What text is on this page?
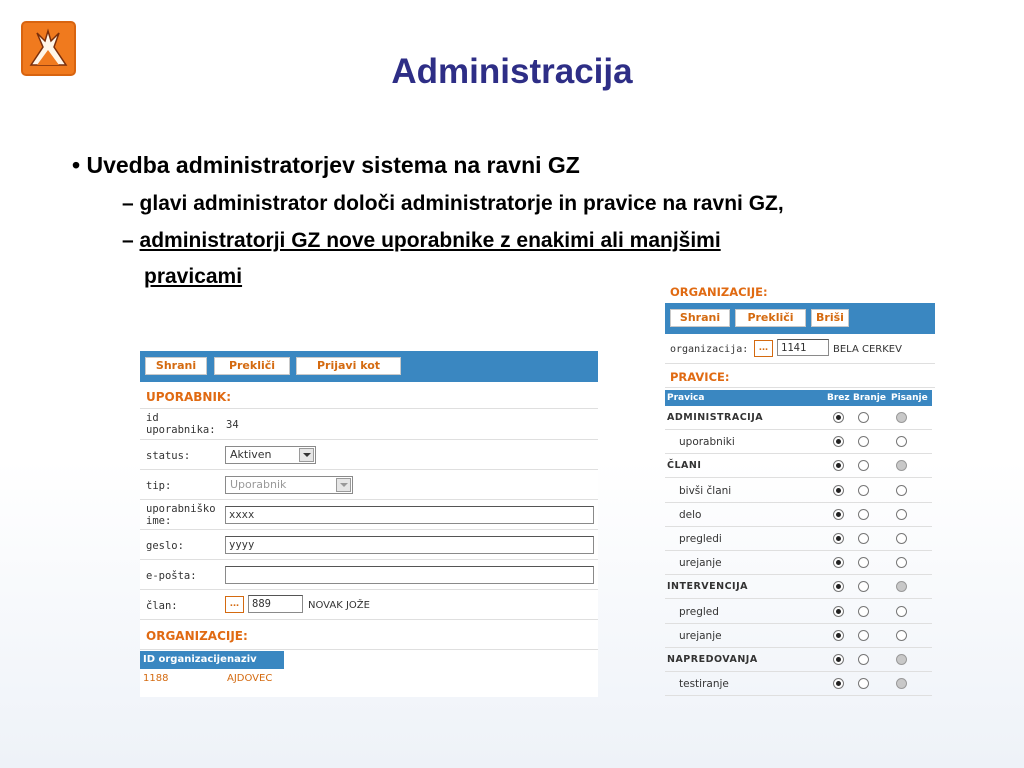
Administracija
• Uvedba administratorjev sistema na ravni GZ
– glavi administrator določi administratorje in pravice na ravni GZ,
– administratorji GZ nove uporabnike z enakimi ali manjšimi
pravicami
Shrani	Prekliči	Prijavi kot
UPORABNIK:
id
uporabnika: 34
status:	Aktiven
tip:	Uporabnik
uporabniško
ime:	xxxx
geslo:	yyyy
e-pošta:
član:	...	889	NOVAK JOŽE
ORGANIZACIJE:
ID organizacije naziv
1188	AJDOVEC
ORGANIZACIJE:
Shrani	Prekliči	Briši
organizacija: ...	1141	BELA CERKEV
PRAVICE:
Pravica	Brez Branje Pisanje
ADMINISTRACIJA
uporabniki
ČLANI
bivši člani
delo
pregledi
urejanje
INTERVENCIJA
pregled
urejanje
NAPREDOVANJA
testiranje
